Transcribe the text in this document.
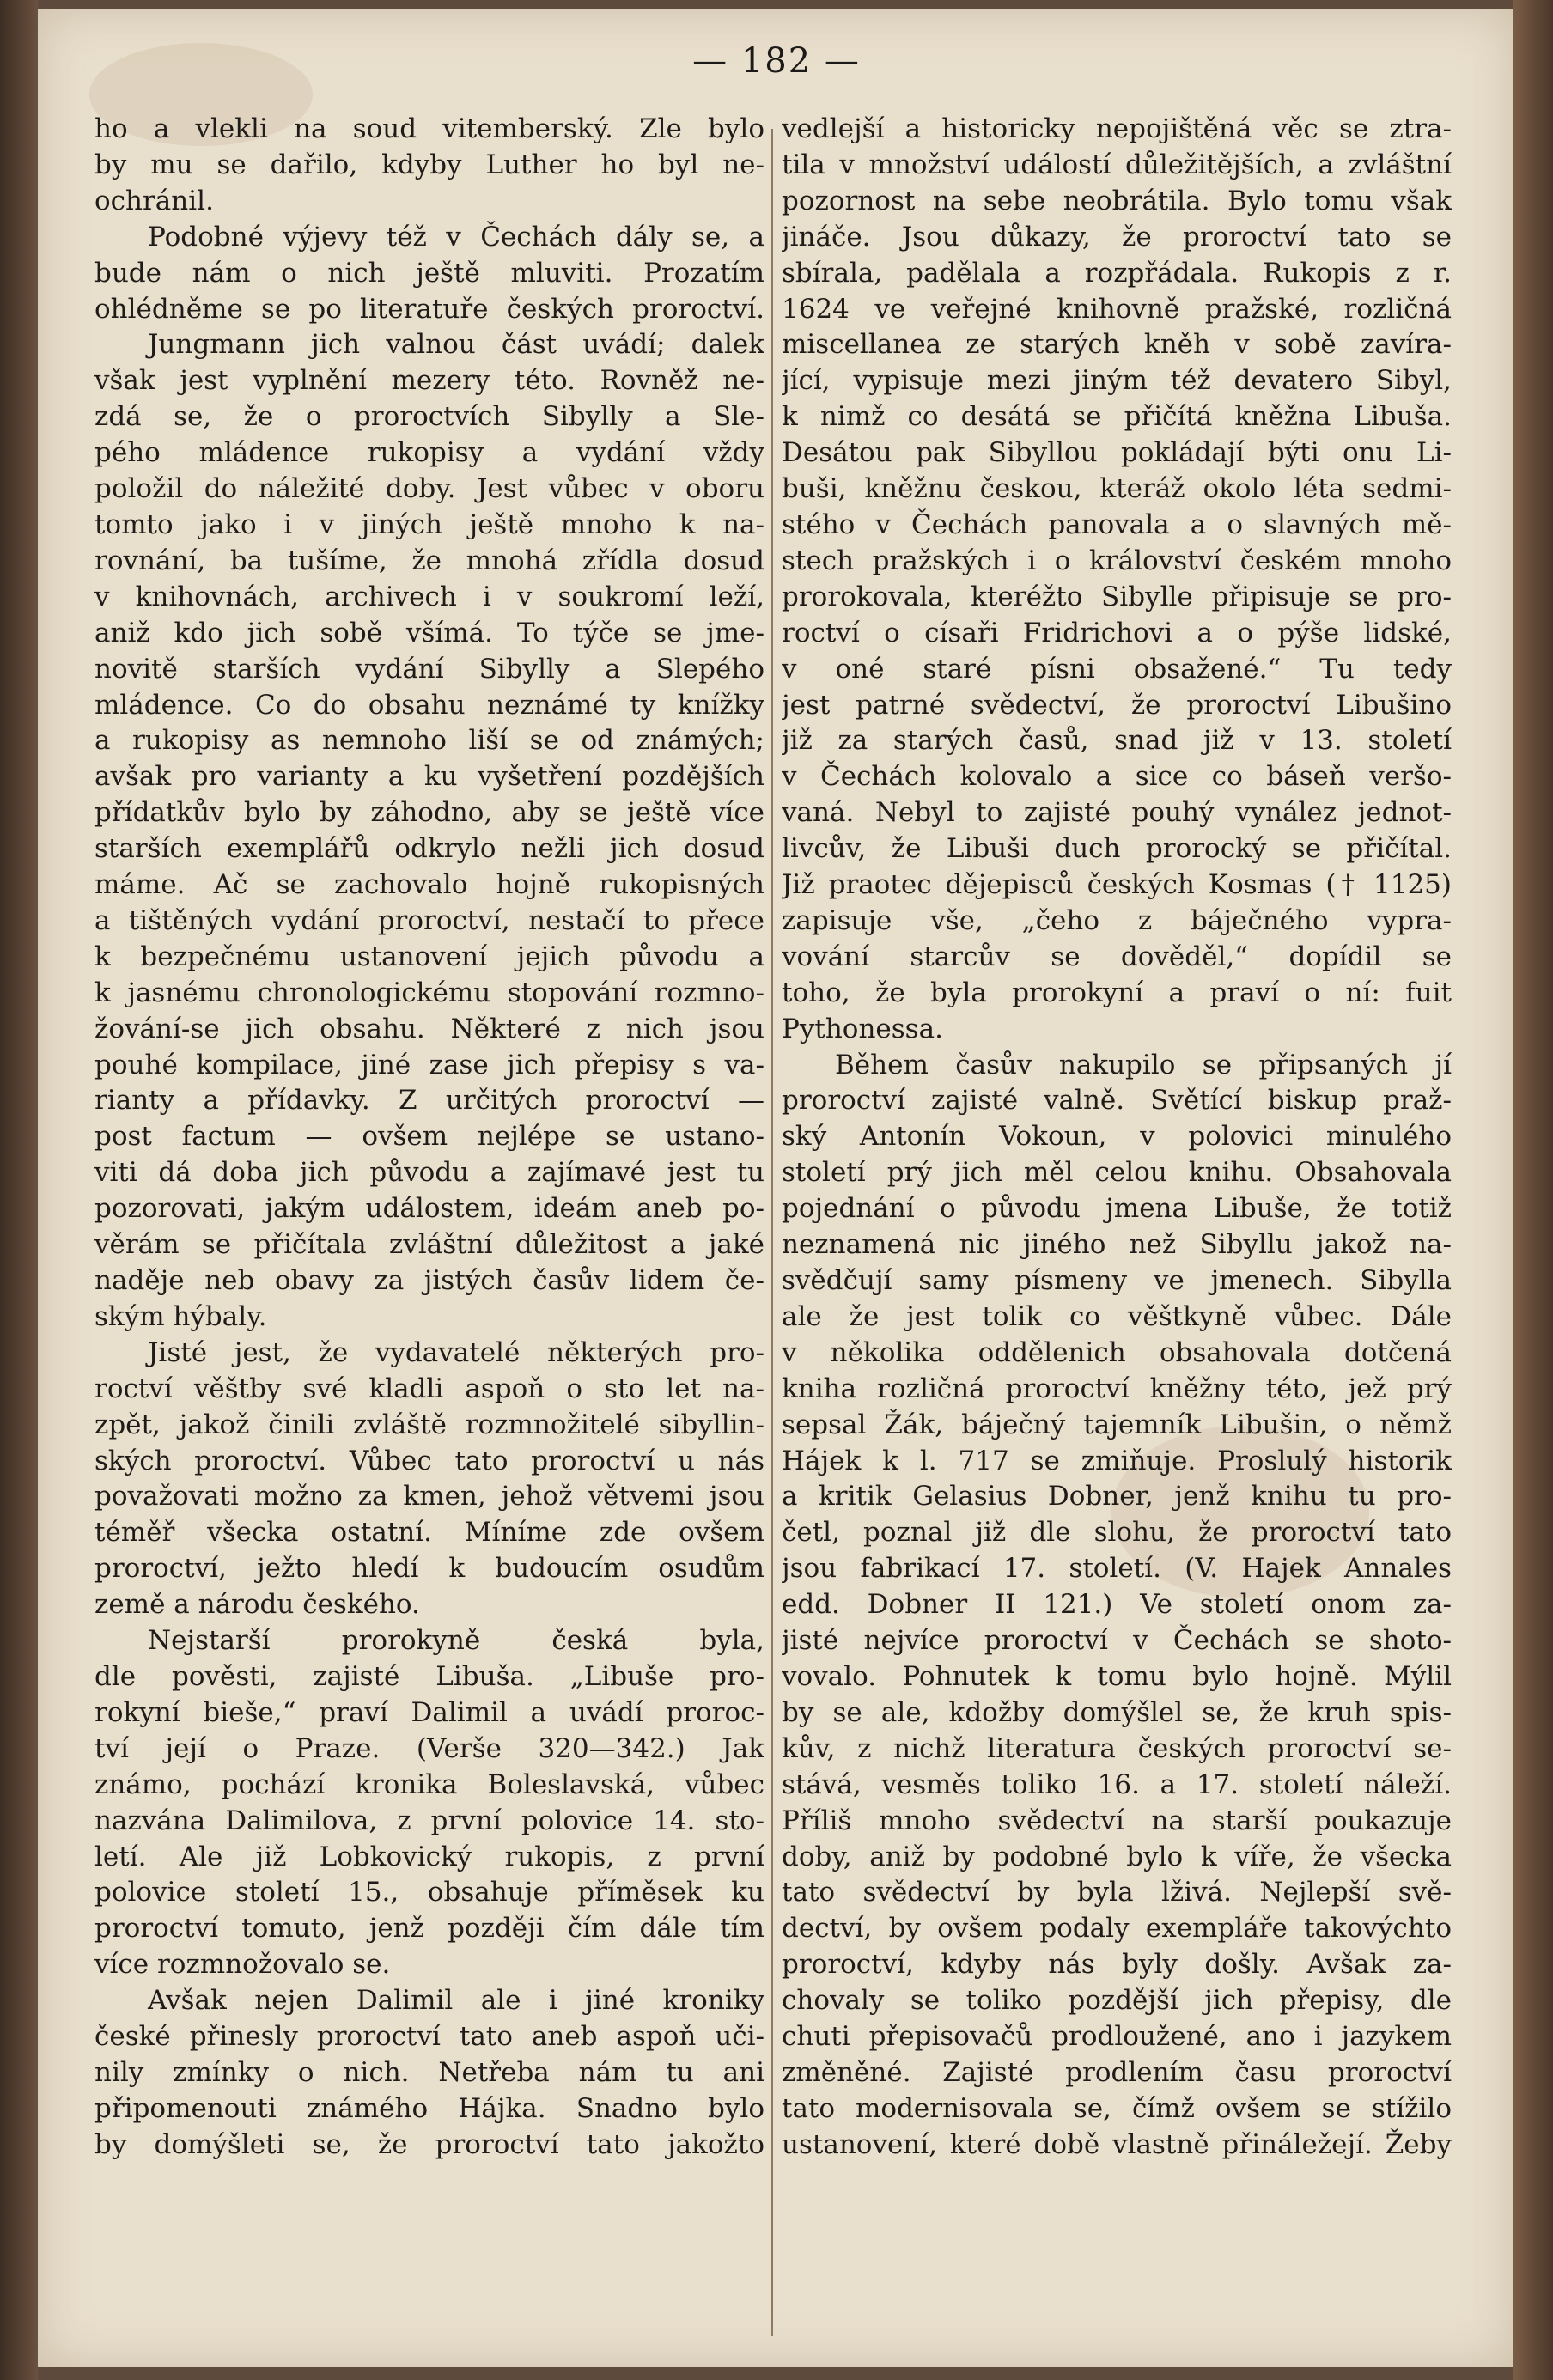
— 182 —
ho a vlekli na soud vitemberský. Zle bylo
by mu se dařilo, kdyby Luther ho byl ne-
ochránil.
Podobné výjevy též v Čechách dály se, a
bude nám o nich ještě mluviti. Prozatím
ohlédněme se po literatuře českých proroctví.
Jungmann jich valnou část uvádí; dalek
však jest vyplnění mezery této. Rovněž ne-
zdá se, že o proroctvích Sibylly a Sle-
pého mládence rukopisy a vydání vždy
položil do náležité doby. Jest vůbec v oboru
tomto jako i v jiných ještě mnoho k na-
rovnání, ba tušíme, že mnohá zřídla dosud
v knihovnách, archivech i v soukromí leží,
aniž kdo jich sobě všímá. To týče se jme-
novitě starších vydání Sibylly a Slepého
mládence. Co do obsahu neznámé ty knížky
a rukopisy as nemnoho liší se od známých;
avšak pro varianty a ku vyšetření pozdějších
přídatkův bylo by záhodno, aby se ještě více
starších exemplářů odkrylo nežli jich dosud
máme. Ač se zachovalo hojně rukopisných
a tištěných vydání proroctví, nestačí to přece
k bezpečnému ustanovení jejich původu a
k jasnému chronologickému stopování rozmno-
žování-se jich obsahu. Některé z nich jsou
pouhé kompilace, jiné zase jich přepisy s va-
rianty a přídavky. Z určitých proroctví —
post factum — ovšem nejlépe se ustano-
viti dá doba jich původu a zajímavé jest tu
pozorovati, jakým událostem, ideám aneb po-
věrám se přičítala zvláštní důležitost a jaké
naděje neb obavy za jistých časův lidem če-
ským hýbaly.
Jisté jest, že vydavatelé některých pro-
roctví věštby své kladli aspoň o sto let na-
zpět, jakož činili zvláště rozmnožitelé sibyllin-
ských proroctví. Vůbec tato proroctví u nás
považovati možno za kmen, jehož větvemi jsou
téměř všecka ostatní. Míníme zde ovšem
proroctví, ježto hledí k budoucím osudům
země a národu českého.
Nejstarší prorokyně česká byla,
dle pověsti, zajisté Libuša. „Libuše pro-
rokyní bieše,“ praví Dalimil a uvádí proroc-
tví její o Praze. (Verše 320—342.) Jak
známo, pochází kronika Boleslavská, vůbec
nazvána Dalimilova, z první polovice 14. sto-
letí. Ale již Lobkovický rukopis, z první
polovice století 15., obsahuje příměsek ku
proroctví tomuto, jenž později čím dále tím
více rozmnožovalo se.
Avšak nejen Dalimil ale i jiné kroniky
české přinesly proroctví tato aneb aspoň uči-
nily zmínky o nich. Netřeba nám tu ani
připomenouti známého Hájka. Snadno bylo
by domýšleti se, že proroctví tato jakožto
vedlejší a historicky nepojištěná věc se ztra-
tila v množství událostí důležitějších, a zvláštní
pozornost na sebe neobrátila. Bylo tomu však
jináče. Jsou důkazy, že proroctví tato se
sbírala, padělala a rozpřádala. Rukopis z r.
1624 ve veřejné knihovně pražské, rozličná
miscellanea ze starých kněh v sobě zavíra-
jící, vypisuje mezi jiným též devatero Sibyl,
k nimž co desátá se přičítá kněžna Libuša.
Desátou pak Sibyllou pokládají býti onu Li-
buši, kněžnu českou, kteráž okolo léta sedmi-
stého v Čechách panovala a o slavných mě-
stech pražských i o království českém mnoho
prorokovala, kteréžto Sibylle připisuje se pro-
roctví o císaři Fridrichovi a o pýše lidské,
v oné staré písni obsažené.“ Tu tedy
jest patrné svědectví, že proroctví Libušino
již za starých časů, snad již v 13. století
v Čechách kolovalo a sice co báseň veršo-
vaná. Nebyl to zajisté pouhý vynález jednot-
livcův, že Libuši duch prorocký se přičítal.
Již praotec dějepisců českých Kosmas († 1125)
zapisuje vše, „čeho z báječného vypra-
vování starcův se dověděl,“ dopídil se
toho, že byla prorokyní a praví o ní: fuit
Pythonessa.
Během časův nakupilo se připsaných jí
proroctví zajisté valně. Světící biskup praž-
ský Antonín Vokoun, v polovici minulého
století prý jich měl celou knihu. Obsahovala
pojednání o původu jmena Libuše, že totiž
neznamená nic jiného než Sibyllu jakož na-
svědčují samy písmeny ve jmenech. Sibylla
ale že jest tolik co věštkyně vůbec. Dále
v několika oddělenich obsahovala dotčená
kniha rozličná proroctví kněžny této, jež prý
sepsal Žák, báječný tajemník Libušin, o němž
Hájek k l. 717 se zmiňuje. Proslulý historik
a kritik Gelasius Dobner, jenž knihu tu pro-
četl, poznal již dle slohu, že proroctví tato
jsou fabrikací 17. století. (V. Hajek Annales
edd. Dobner II 121.) Ve století onom za-
jisté nejvíce proroctví v Čechách se shoto-
vovalo. Pohnutek k tomu bylo hojně. Mýlil
by se ale, kdožby domýšlel se, že kruh spis-
kův, z nichž literatura českých proroctví se-
stává, vesměs toliko 16. a 17. století náleží.
Příliš mnoho svědectví na starší poukazuje
doby, aniž by podobné bylo k víře, že všecka
tato svědectví by byla lživá. Nejlepší svě-
dectví, by ovšem podaly exempláře takovýchto
proroctví, kdyby nás byly došly. Avšak za-
chovaly se toliko pozdější jich přepisy, dle
chuti přepisovačů prodloužené, ano i jazykem
změněné. Zajisté prodlením času proroctví
tato modernisovala se, čímž ovšem se stížilo
ustanovení, které době vlastně přináležejí. Žeby
